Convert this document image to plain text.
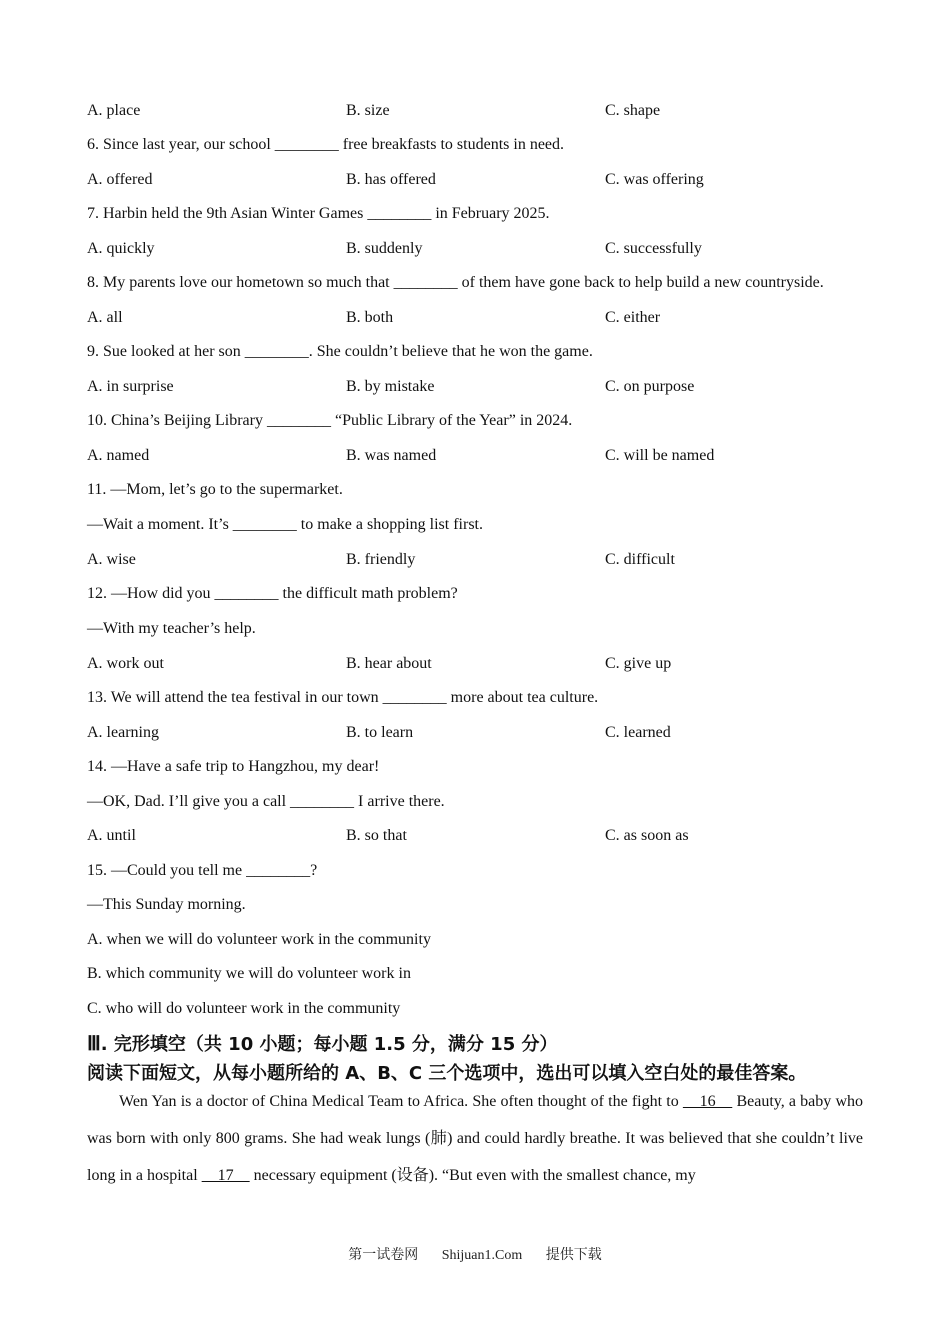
A. place	B. size	C. shape
6. Since last year, our school ________ free breakfasts to students in need.
A. offered	B. has offered	C. was offering
7. Harbin held the 9th Asian Winter Games ________ in February 2025.
A. quickly	B. suddenly	C. successfully
8. My parents love our hometown so much that ________ of them have gone back to help build a new countryside.
A. all	B. both	C. either
9. Sue looked at her son ________. She couldn’t believe that he won the game.
A. in surprise	B. by mistake	C. on purpose
10. China’s Beijing Library ________ “Public Library of the Year” in 2024.
A. named	B. was named	C. will be named
11. —Mom, let’s go to the supermarket.
—Wait a moment. It’s ________ to make a shopping list first.
A. wise	B. friendly	C. difficult
12. —How did you ________ the difficult math problem?
—With my teacher’s help.
A. work out	B. hear about	C. give up
13. We will attend the tea festival in our town ________ more about tea culture.
A. learning	B. to learn	C. learned
14. —Have a safe trip to Hangzhou, my dear!
—OK, Dad. I’ll give you a call ________ I arrive there.
A. until	B. so that	C. as soon as
15. —Could you tell me ________?
—This Sunday morning.
A. when we will do volunteer work in the community
B. which community we will do volunteer work in
C. who will do volunteer work in the community
Ⅲ. 完形填空（共 10 小题；每小题 1.5 分，满分 15 分）
阅读下面短文，从每小题所给的 A、B、C 三个选项中，选出可以填入空白处的最佳答案。
Wen Yan is a doctor of China Medical Team to Africa. She often thought of the fight to     16     Beauty, a baby who was born with only 800 grams. She had weak lungs (肺) and could hardly breathe. It was believed that she couldn’t live long in a hospital     17     necessary equipment (设备). “But even with the smallest chance, my
第一试卷网 Shijuan1.Com 提供下载
